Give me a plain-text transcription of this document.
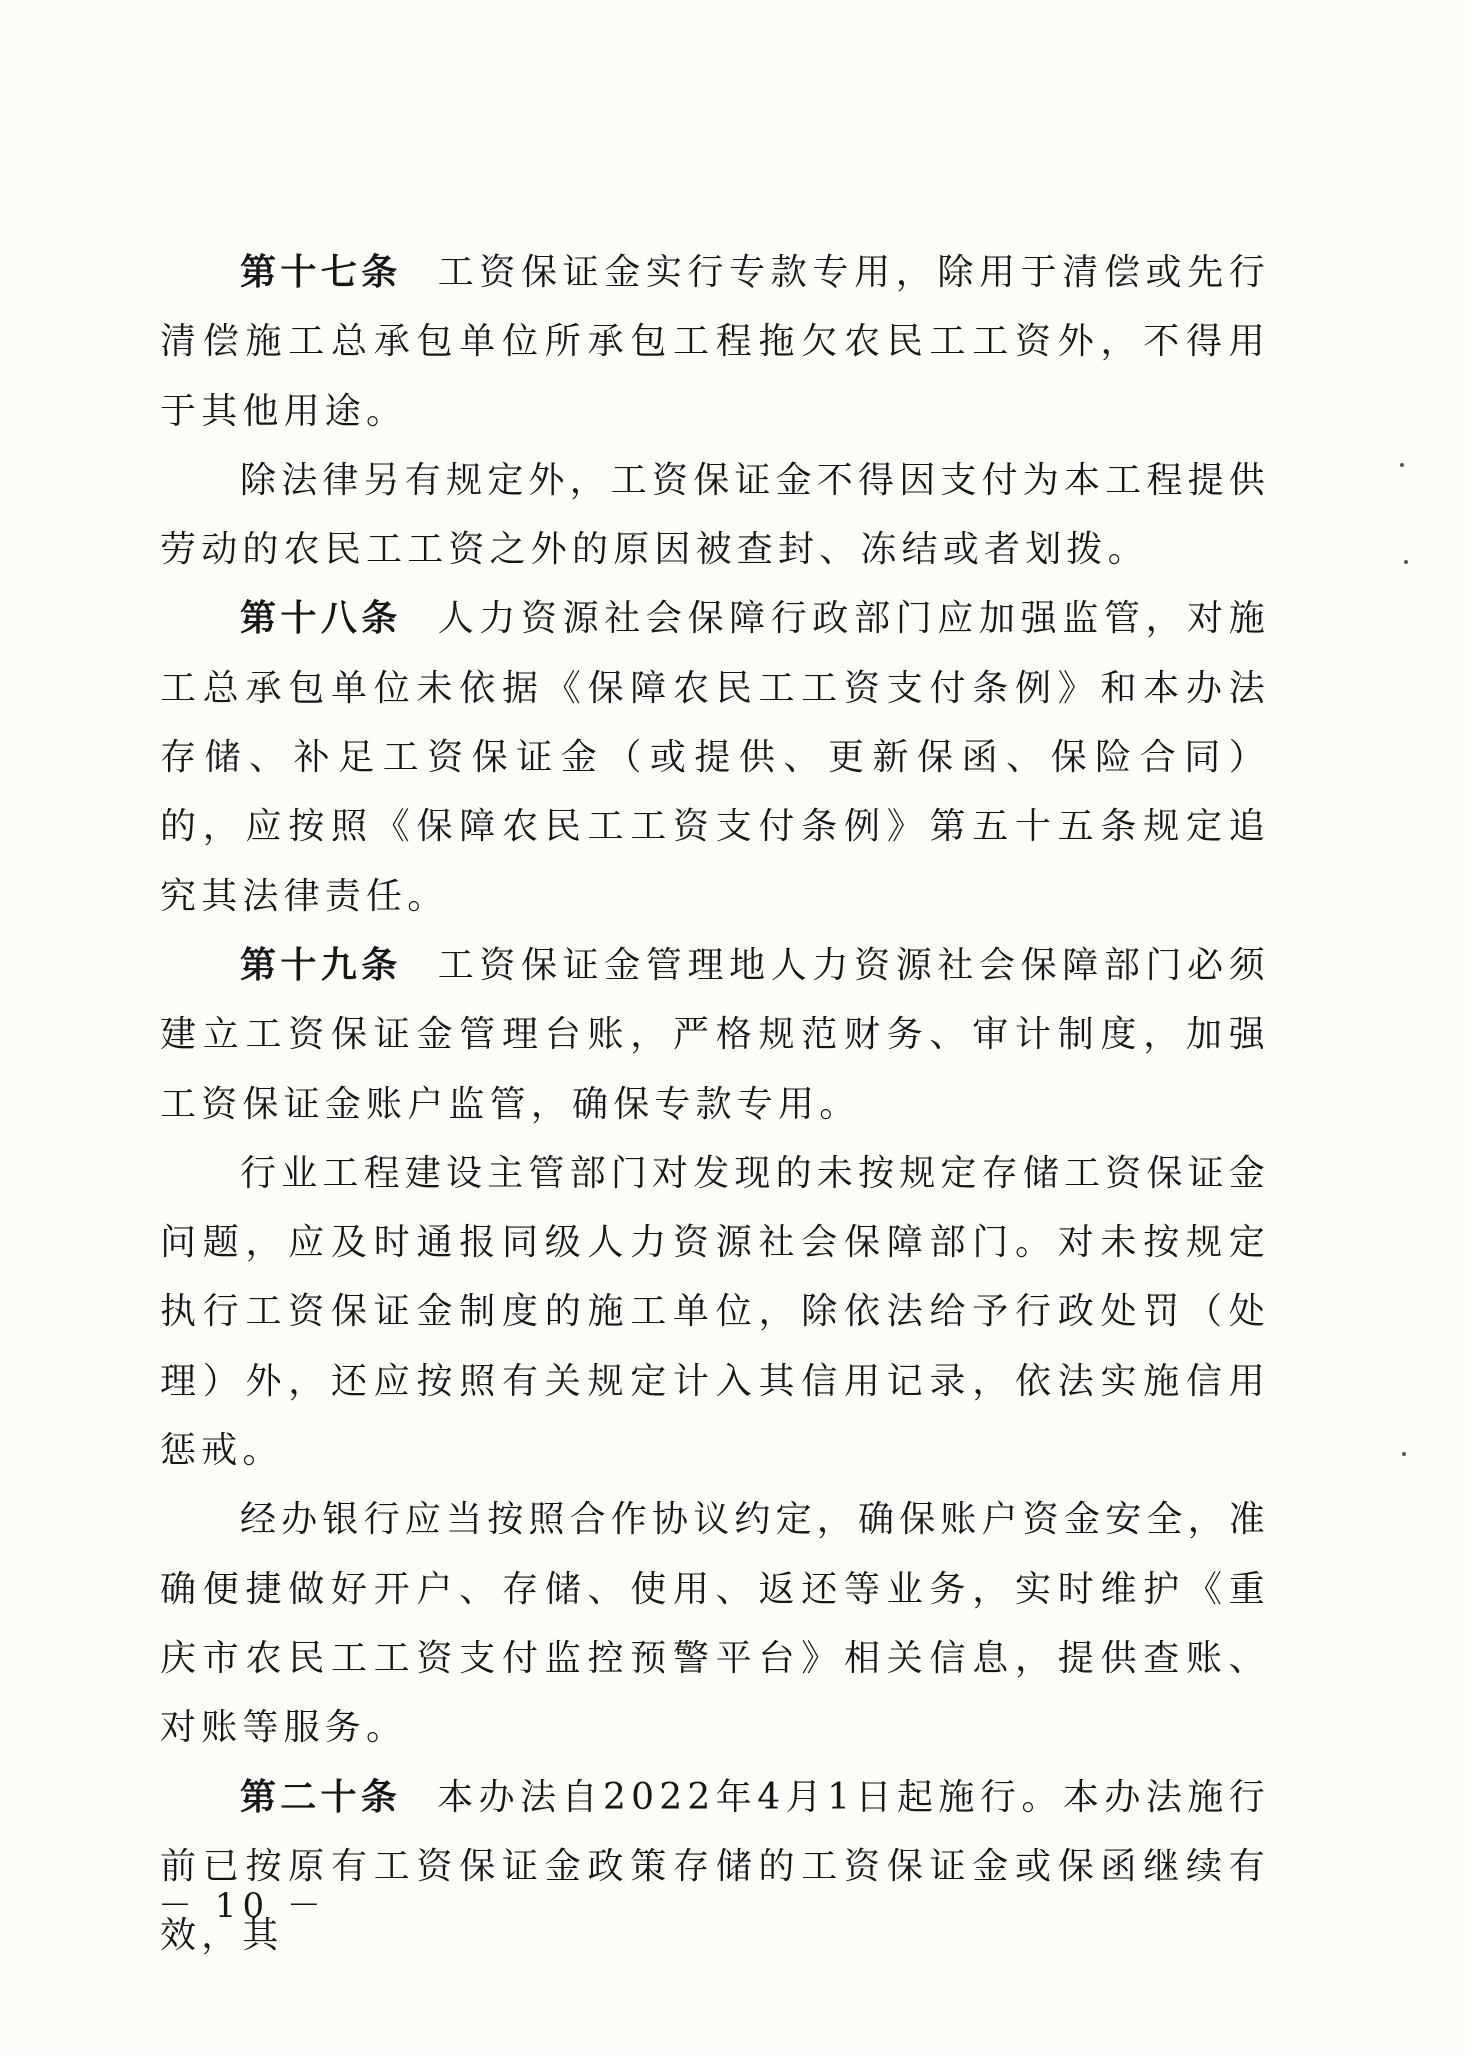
第十七条 工资保证金实行专款专用，除用于清偿或先行清偿施工总承包单位所承包工程拖欠农民工工资外，不得用于其他用途。

除法律另有规定外，工资保证金不得因支付为本工程提供劳动的农民工工资之外的原因被查封、冻结或者划拨。

第十八条 人力资源社会保障行政部门应加强监管，对施工总承包单位未依据《保障农民工工资支付条例》和本办法存储、补足工资保证金（或提供、更新保函、保险合同）的，应按照《保障农民工工资支付条例》第五十五条规定追究其法律责任。

第十九条 工资保证金管理地人力资源社会保障部门必须建立工资保证金管理台账，严格规范财务、审计制度，加强工资保证金账户监管，确保专款专用。

行业工程建设主管部门对发现的未按规定存储工资保证金问题，应及时通报同级人力资源社会保障部门。对未按规定执行工资保证金制度的施工单位，除依法给予行政处罚（处理）外，还应按照有关规定计入其信用记录，依法实施信用惩戒。

经办银行应当按照合作协议约定，确保账户资金安全，准确便捷做好开户、存储、使用、返还等业务，实时维护《重庆市农民工工资支付监控预警平台》相关信息，提供查账、对账等服务。

第二十条 本办法自2022年4月1日起施行。本办法施行前已按原有工资保证金政策存储的工资保证金或保函继续有效，其

－ 10 －
